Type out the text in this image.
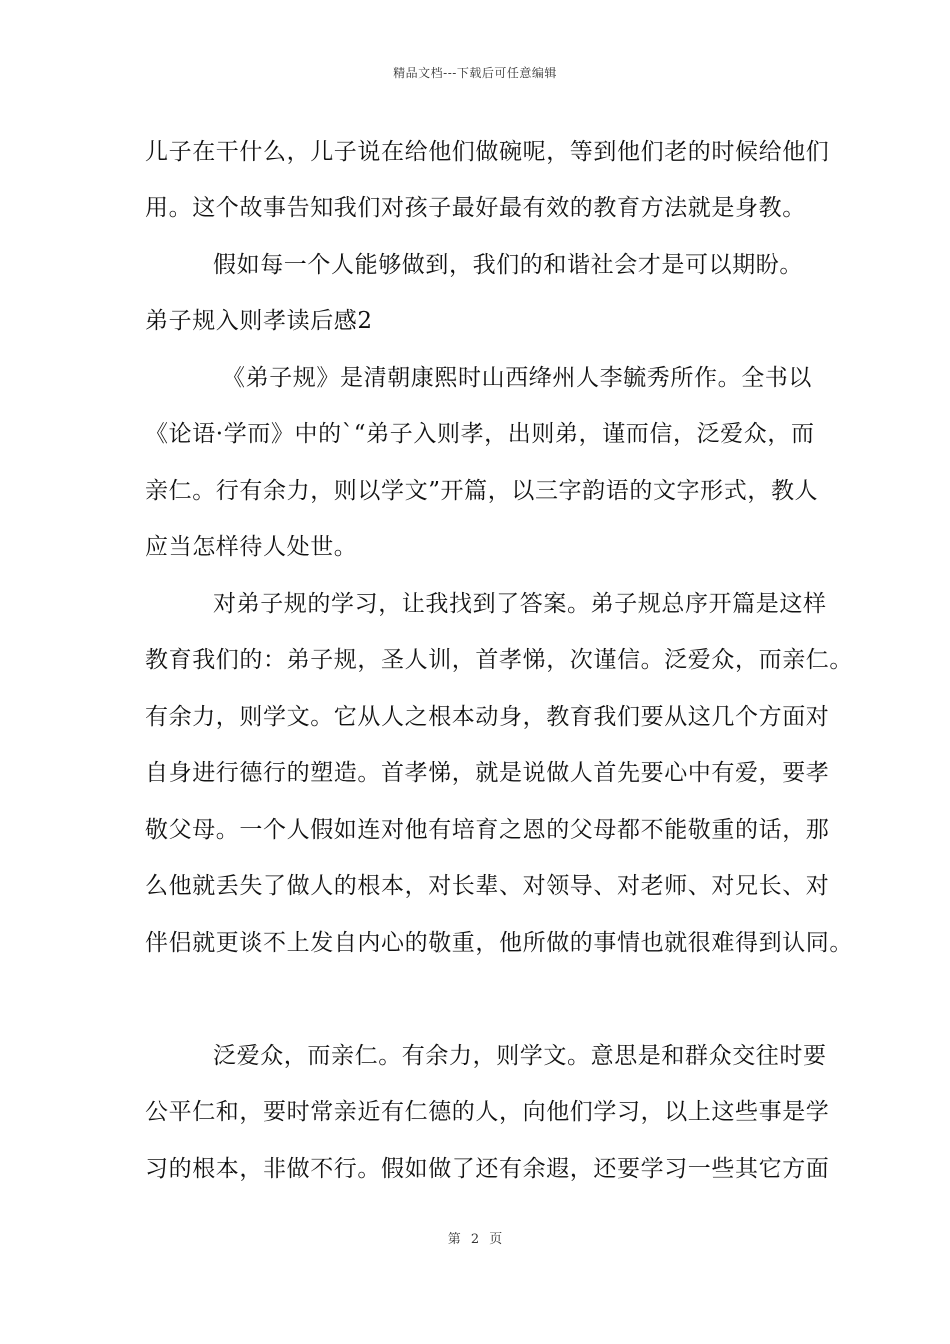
精品文档---下载后可任意编辑
儿子在干什么，儿子说在给他们做碗呢，等到他们老的时候给他们
用。这个故事告知我们对孩子最好最有效的教育方法就是身教。
假如每一个人能够做到，我们的和谐社会才是可以期盼。
弟子规入则孝读后感2
《弟子规》是清朝康熙时山西绛州人李毓秀所作。全书以
《论语·学而》中的`“弟子入则孝，出则弟，谨而信，泛爱众，而
亲仁。行有余力，则以学文”开篇，以三字韵语的文字形式，教人
应当怎样待人处世。
对弟子规的学习，让我找到了答案。弟子规总序开篇是这样
教育我们的：弟子规，圣人训，首孝悌，次谨信。泛爱众，而亲仁。
有余力，则学文。它从人之根本动身，教育我们要从这几个方面对
自身进行德行的塑造。首孝悌，就是说做人首先要心中有爱，要孝
敬父母。一个人假如连对他有培育之恩的父母都不能敬重的话，那
么他就丢失了做人的根本，对长辈、对领导、对老师、对兄长、对
伴侣就更谈不上发自内心的敬重，他所做的事情也就很难得到认同。
泛爱众，而亲仁。有余力，则学文。意思是和群众交往时要
公平仁和，要时常亲近有仁德的人，向他们学习，以上这些事是学
习的根本，非做不行。假如做了还有余遐，还要学习一些其它方面
第 2 页
